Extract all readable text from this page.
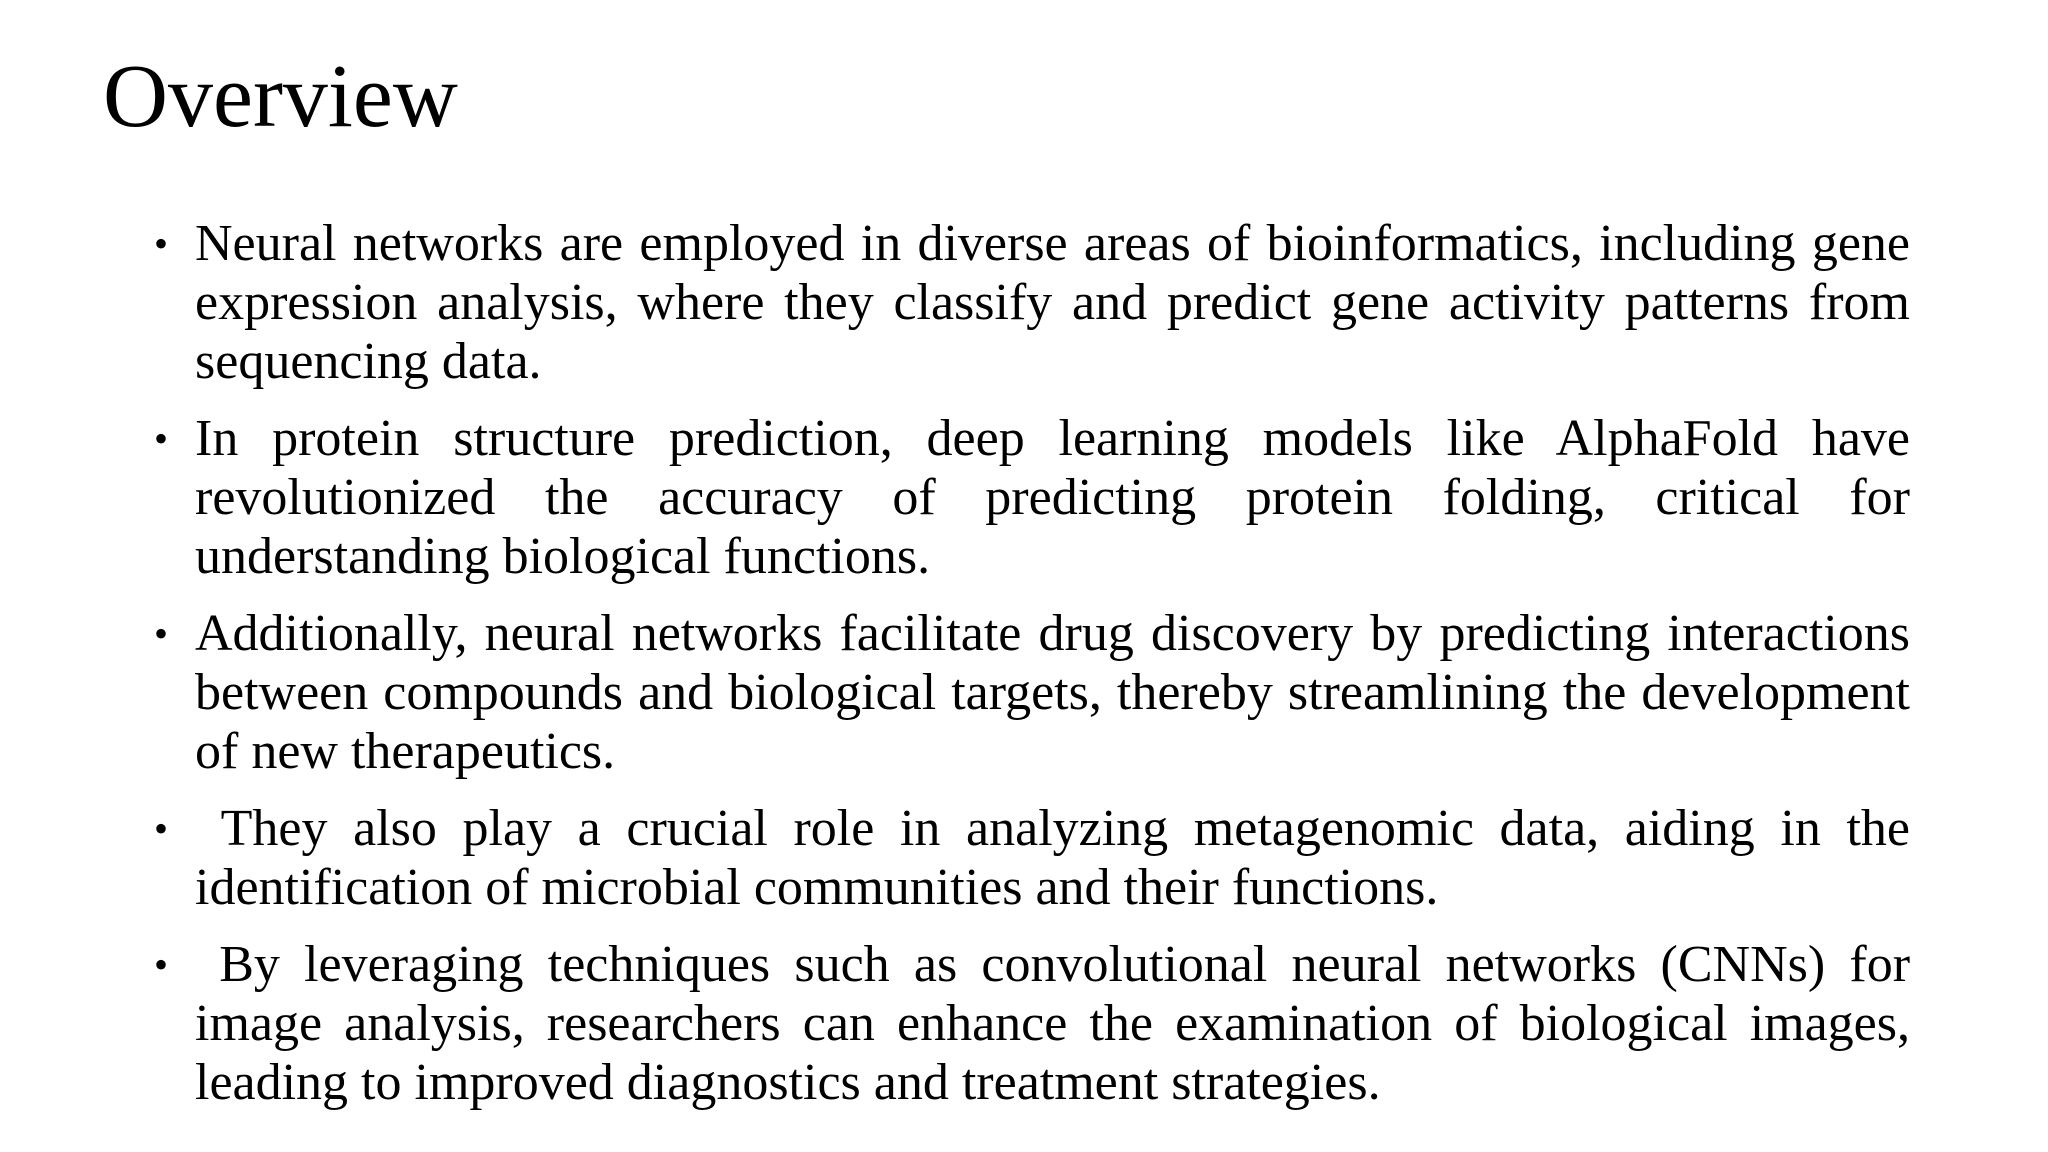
Overview
• Neural networks are employed in diverse areas of bioinformatics, including gene expression analysis, where they classify and predict gene activity patterns from sequencing data.
• In protein structure prediction, deep learning models like AlphaFold have revolutionized the accuracy of predicting protein folding, critical for understanding biological functions.
• Additionally, neural networks facilitate drug discovery by predicting interactions between compounds and biological targets, thereby streamlining the development of new therapeutics.
• They also play a crucial role in analyzing metagenomic data, aiding in the identification of microbial communities and their functions.
• By leveraging techniques such as convolutional neural networks (CNNs) for image analysis, researchers can enhance the examination of biological images, leading to improved diagnostics and treatment strategies.
